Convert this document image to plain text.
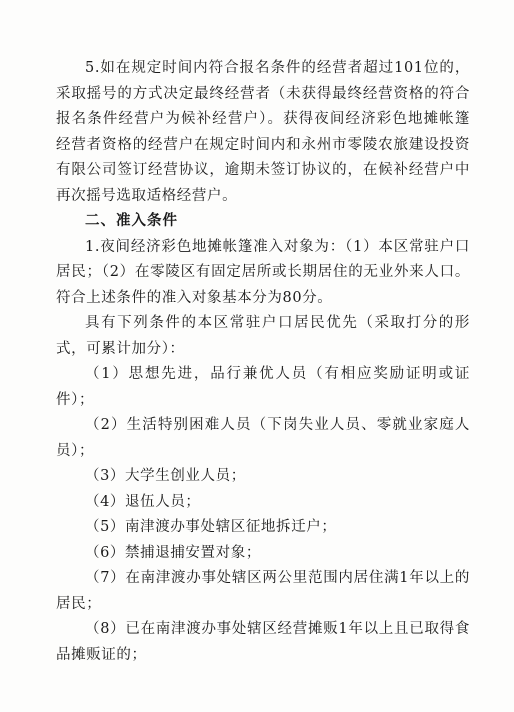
5.如在规定时间内符合报名条件的经营者超过101位的，采取摇号的方式决定最终经营者（未获得最终经营资格的符合报名条件经营户为候补经营户）。获得夜间经济彩色地摊帐篷经营者资格的经营户在规定时间内和永州市零陵农旅建设投资有限公司签订经营协议，逾期未签订协议的，在候补经营户中再次摇号选取适格经营户。

二、准入条件

1.夜间经济彩色地摊帐篷准入对象为：（1）本区常驻户口居民；（2）在零陵区有固定居所或长期居住的无业外来人口。符合上述条件的准入对象基本分为80分。

具有下列条件的本区常驻户口居民优先（采取打分的形式，可累计加分）：

（1）思想先进，品行兼优人员（有相应奖励证明或证件）；

（2）生活特别困难人员（下岗失业人员、零就业家庭人员）；

（3）大学生创业人员；

（4）退伍人员；

（5）南津渡办事处辖区征地拆迁户；

（6）禁捕退捕安置对象；

（7）在南津渡办事处辖区两公里范围内居住满1年以上的居民；

（8）已在南津渡办事处辖区经营摊贩1年以上且已取得食品摊贩证的；
